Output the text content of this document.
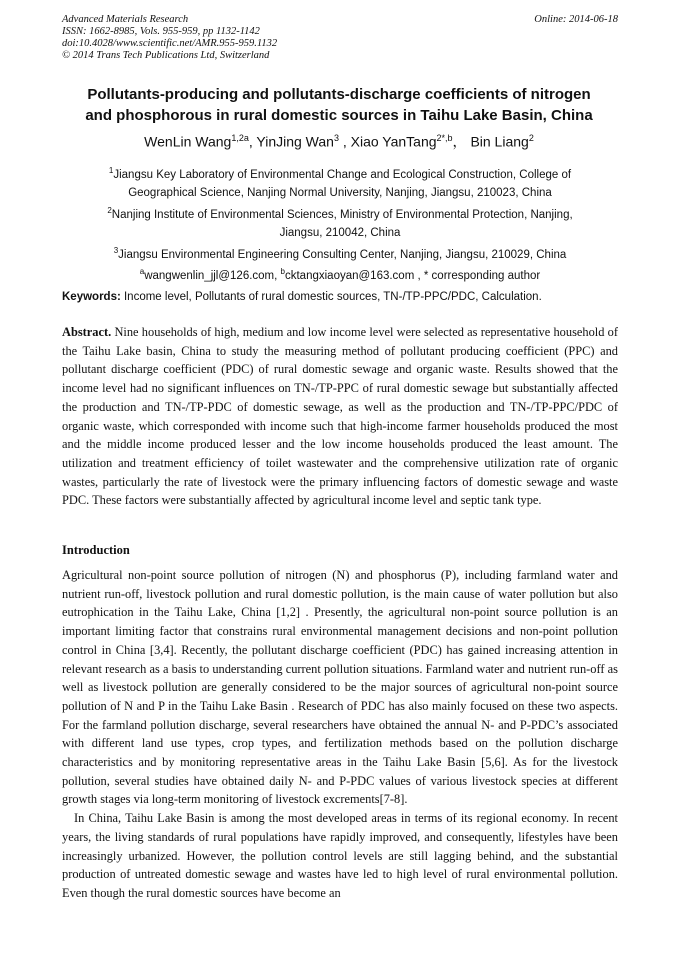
Advanced Materials Research
ISSN: 1662-8985, Vols. 955-959, pp 1132-1142
doi:10.4028/www.scientific.net/AMR.955-959.1132
© 2014 Trans Tech Publications Ltd, Switzerland
Online: 2014-06-18
Pollutants-producing and pollutants-discharge coefficients of nitrogen
and phosphorous in rural domestic sources in Taihu Lake Basin, China
WenLin Wang$^{1,2a}$, YinJing Wan$^3$ , Xiao YanTang$^{2*,b}$， Bin Liang$^2$
$^1$Jiangsu Key Laboratory of Environmental Change and Ecological Construction, College of
Geographical Science, Nanjing Normal University, Nanjing, Jiangsu, 210023, China
$^2$Nanjing Institute of Environmental Sciences, Ministry of Environmental Protection, Nanjing,
Jiangsu, 210042, China
$^3$Jiangsu Environmental Engineering Consulting Center, Nanjing, Jiangsu, 210029, China
$^a$wangwenlin_jjl@126.com, $^b$cktangxiaoyan@163.com , * corresponding author
Keywords: Income level, Pollutants of rural domestic sources, TN-/TP-PPC/PDC, Calculation.
Abstract. Nine households of high, medium and low income level were selected as representative household of the Taihu Lake basin, China to study the measuring method of pollutant producing coefficient (PPC) and pollutant discharge coefficient (PDC) of rural domestic sewage and organic waste. Results showed that the income level had no significant influences on TN-/TP-PPC of rural domestic sewage but substantially affected the production and TN-/TP-PDC of domestic sewage, as well as the production and TN-/TP-PPC/PDC of organic waste, which corresponded with income such that high-income farmer households produced the most and the middle income produced lesser and the low income households produced the least amount. The utilization and treatment efficiency of toilet wastewater and the comprehensive utilization rate of organic wastes, particularly the rate of livestock were the primary influencing factors of domestic sewage and waste PDC. These factors were substantially affected by agricultural income level and septic tank type.
Introduction

Agricultural non-point source pollution of nitrogen (N) and phosphorus (P), including farmland water and nutrient run-off, livestock pollution and rural domestic pollution, is the main cause of water pollution but also eutrophication in the Taihu Lake, China [1,2] . Presently, the agricultural non-point source pollution is an important limiting factor that constrains rural environmental management decisions and non-point pollution control in China [3,4]. Recently, the pollutant discharge coefficient (PDC) has gained increasing attention in relevant research as a basis to understanding current pollution situations. Farmland water and nutrient run-off as well as livestock pollution are generally considered to be the major sources of agricultural non-point source pollution of N and P in the Taihu Lake Basin . Research of PDC has also mainly focused on these two aspects. For the farmland pollution discharge, several researchers have obtained the annual N- and P-PDC’s associated with different land use types, crop types, and fertilization methods based on the pollution discharge characteristics and by monitoring representative areas in the Taihu Lake Basin [5,6]. As for the livestock pollution, several studies have obtained daily N- and P-PDC values of various livestock species at different growth stages via long-term monitoring of livestock excrements[7-8].

In China, Taihu Lake Basin is among the most developed areas in terms of its regional economy. In recent years, the living standards of rural populations have rapidly improved, and consequently, lifestyles have been increasingly urbanized. However, the pollution control levels are still lagging behind, and the substantial production of untreated domestic sewage and wastes have led to high level of rural environmental pollution. Even though the rural domestic sources have become an
